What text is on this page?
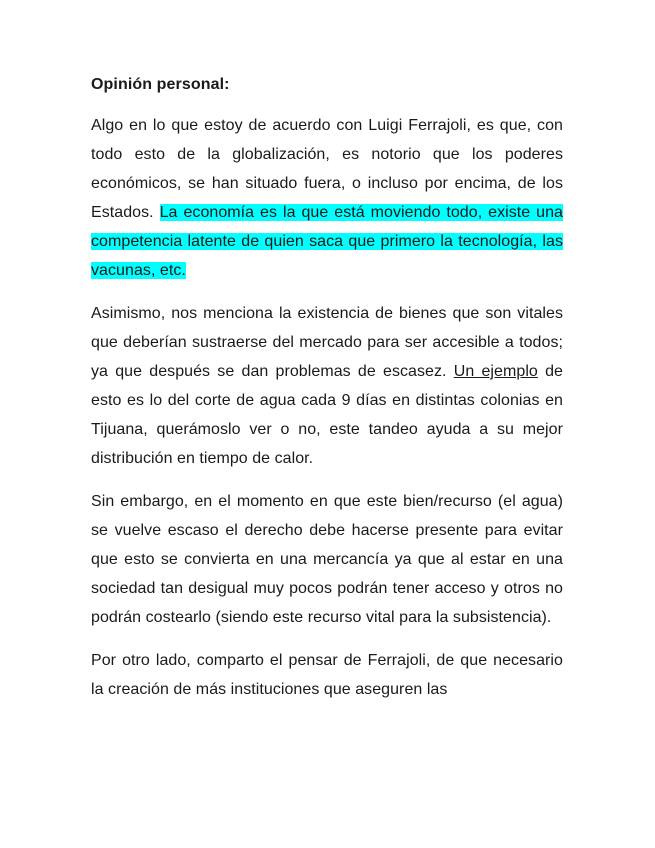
Opinión personal:

Algo en lo que estoy de acuerdo con Luigi Ferrajoli, es que, con todo esto de la globalización, es notorio que los poderes económicos, se han situado fuera, o incluso por encima, de los Estados. La economía es la que está moviendo todo, existe una competencia latente de quien saca que primero la tecnología, las vacunas, etc.

Asimismo, nos menciona la existencia de bienes que son vitales que deberían sustraerse del mercado para ser accesible a todos; ya que después se dan problemas de escasez. Un ejemplo de esto es lo del corte de agua cada 9 días en distintas colonias en Tijuana, querámoslo ver o no, este tandeo ayuda a su mejor distribución en tiempo de calor.

Sin embargo, en el momento en que este bien/recurso (el agua) se vuelve escaso el derecho debe hacerse presente para evitar que esto se convierta en una mercancía ya que al estar en una sociedad tan desigual muy pocos podrán tener acceso y otros no podrán costearlo (siendo este recurso vital para la subsistencia).

Por otro lado, comparto el pensar de Ferrajoli, de que necesario la creación de más instituciones que aseguren las
